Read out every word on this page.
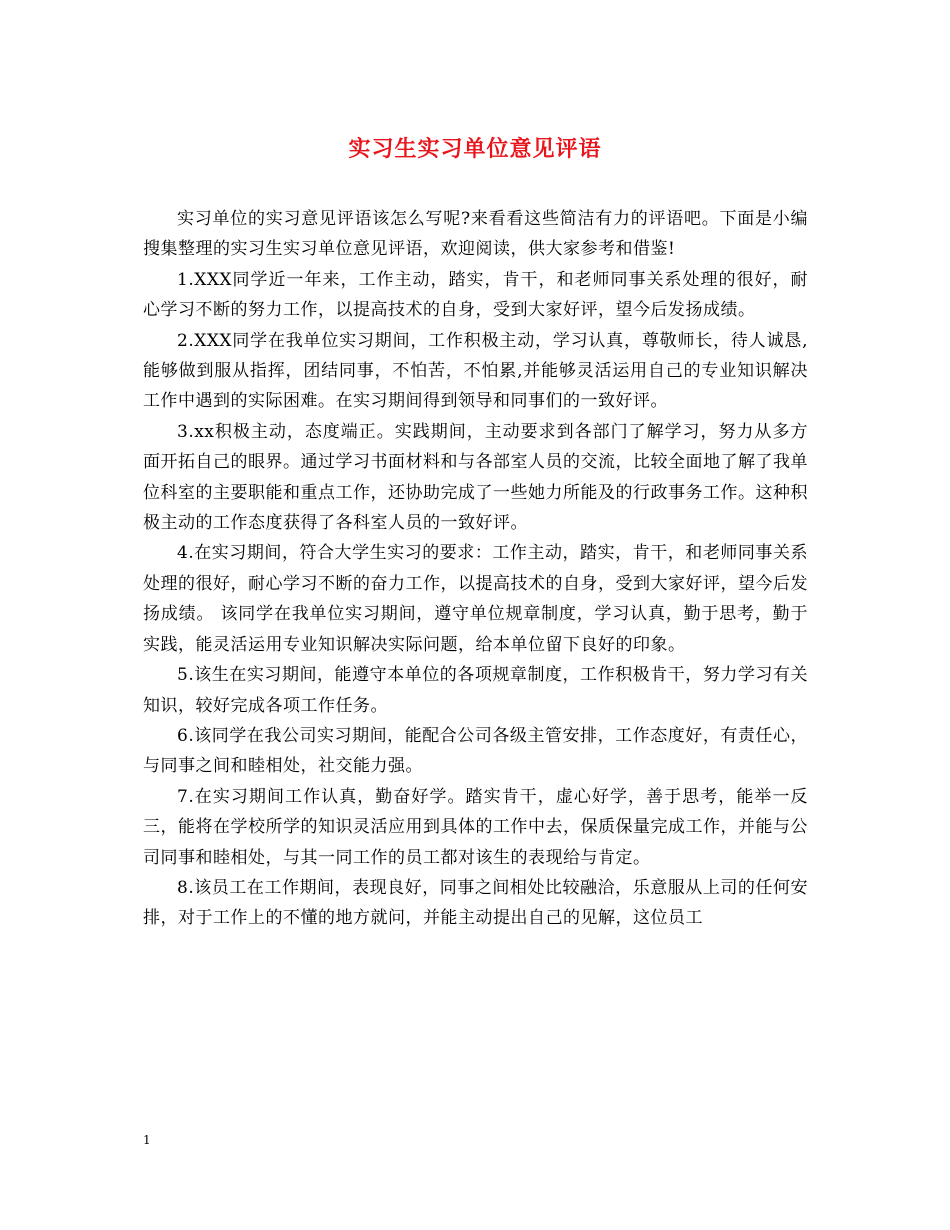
实习生实习单位意见评语

实习单位的实习意见评语该怎么写呢?来看看这些简洁有力的评语吧。下面是小编搜集整理的实习生实习单位意见评语，欢迎阅读，供大家参考和借鉴!

1.XXX同学近一年来，工作主动，踏实，肯干，和老师同事关系处理的很好，耐心学习不断的努力工作，以提高技术的自身，受到大家好评，望今后发扬成绩。

2.XXX同学在我单位实习期间，工作积极主动，学习认真，尊敬师长，待人诚恳,能够做到服从指挥，团结同事，不怕苦，不怕累,并能够灵活运用自己的专业知识解决工作中遇到的实际困难。在实习期间得到领导和同事们的一致好评。

3.xx积极主动，态度端正。实践期间，主动要求到各部门了解学习，努力从多方面开拓自己的眼界。通过学习书面材料和与各部室人员的交流，比较全面地了解了我单位科室的主要职能和重点工作，还协助完成了一些她力所能及的行政事务工作。这种积极主动的工作态度获得了各科室人员的一致好评。

4.在实习期间，符合大学生实习的要求：工作主动，踏实，肯干，和老师同事关系处理的很好，耐心学习不断的奋力工作，以提高技术的自身，受到大家好评，望今后发扬成绩。 该同学在我单位实习期间，遵守单位规章制度，学习认真，勤于思考，勤于实践，能灵活运用专业知识解决实际问题，给本单位留下良好的印象。

5.该生在实习期间，能遵守本单位的各项规章制度，工作积极肯干，努力学习有关知识，较好完成各项工作任务。

6.该同学在我公司实习期间，能配合公司各级主管安排，工作态度好，有责任心，与同事之间和睦相处，社交能力强。

7.在实习期间工作认真，勤奋好学。踏实肯干，虚心好学，善于思考，能举一反三，能将在学校所学的知识灵活应用到具体的工作中去，保质保量完成工作，并能与公司同事和睦相处，与其一同工作的员工都对该生的表现给与肯定。

8.该员工在工作期间，表现良好，同事之间相处比较融洽，乐意服从上司的任何安排，对于工作上的不懂的地方就问，并能主动提出自己的见解，这位员工

1
